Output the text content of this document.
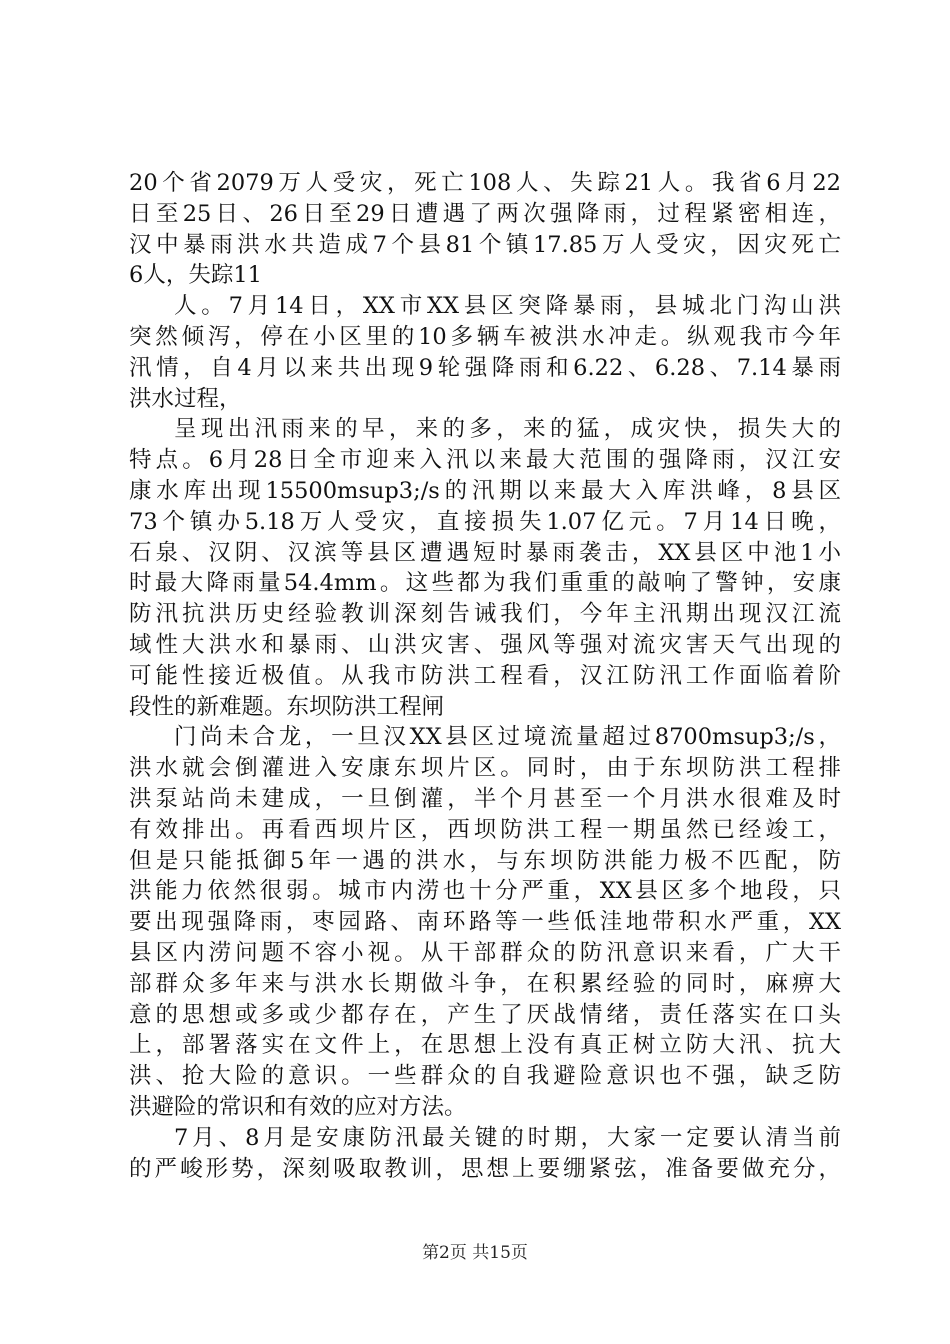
20个省2079万人受灾，死亡108人、失踪21人。我省6月22
日至25日、26日至29日遭遇了两次强降雨，过程紧密相连，
汉中暴雨洪水共造成7个县81个镇17.85万人受灾，因灾死亡
6人，失踪11
人。7月14日，XX市XX县区突降暴雨，县城北门沟山洪
突然倾泻，停在小区里的10多辆车被洪水冲走。纵观我市今年
汛情，自4月以来共出现9轮强降雨和6.22、6.28、7.14暴雨
洪水过程，
呈现出汛雨来的早，来的多，来的猛，成灾快，损失大的
特点。6月28日全市迎来入汛以来最大范围的强降雨，汉江安
康水库出现15500msup3;/s的汛期以来最大入库洪峰，8县区
73个镇办5.18万人受灾，直接损失1.07亿元。7月14日晚，
石泉、汉阴、汉滨等县区遭遇短时暴雨袭击，XX县区中池1小
时最大降雨量54.4mm。这些都为我们重重的敲响了警钟，安康
防汛抗洪历史经验教训深刻告诫我们，今年主汛期出现汉江流
域性大洪水和暴雨、山洪灾害、强风等强对流灾害天气出现的
可能性接近极值。从我市防洪工程看，汉江防汛工作面临着阶
段性的新难题。东坝防洪工程闸
门尚未合龙，一旦汉XX县区过境流量超过8700msup3;/s，
洪水就会倒灌进入安康东坝片区。同时，由于东坝防洪工程排
洪泵站尚未建成，一旦倒灌，半个月甚至一个月洪水很难及时
有效排出。再看西坝片区，西坝防洪工程一期虽然已经竣工，
但是只能抵御5年一遇的洪水，与东坝防洪能力极不匹配，防
洪能力依然很弱。城市内涝也十分严重，XX县区多个地段，只
要出现强降雨，枣园路、南环路等一些低洼地带积水严重，XX
县区内涝问题不容小视。从干部群众的防汛意识来看，广大干
部群众多年来与洪水长期做斗争，在积累经验的同时，麻痹大
意的思想或多或少都存在，产生了厌战情绪，责任落实在口头
上，部署落实在文件上，在思想上没有真正树立防大汛、抗大
洪、抢大险的意识。一些群众的自我避险意识也不强，缺乏防
洪避险的常识和有效的应对方法。
7月、8月是安康防汛最关键的时期，大家一定要认清当前
的严峻形势，深刻吸取教训，思想上要绷紧弦，准备要做充分，
第2页 共15页
